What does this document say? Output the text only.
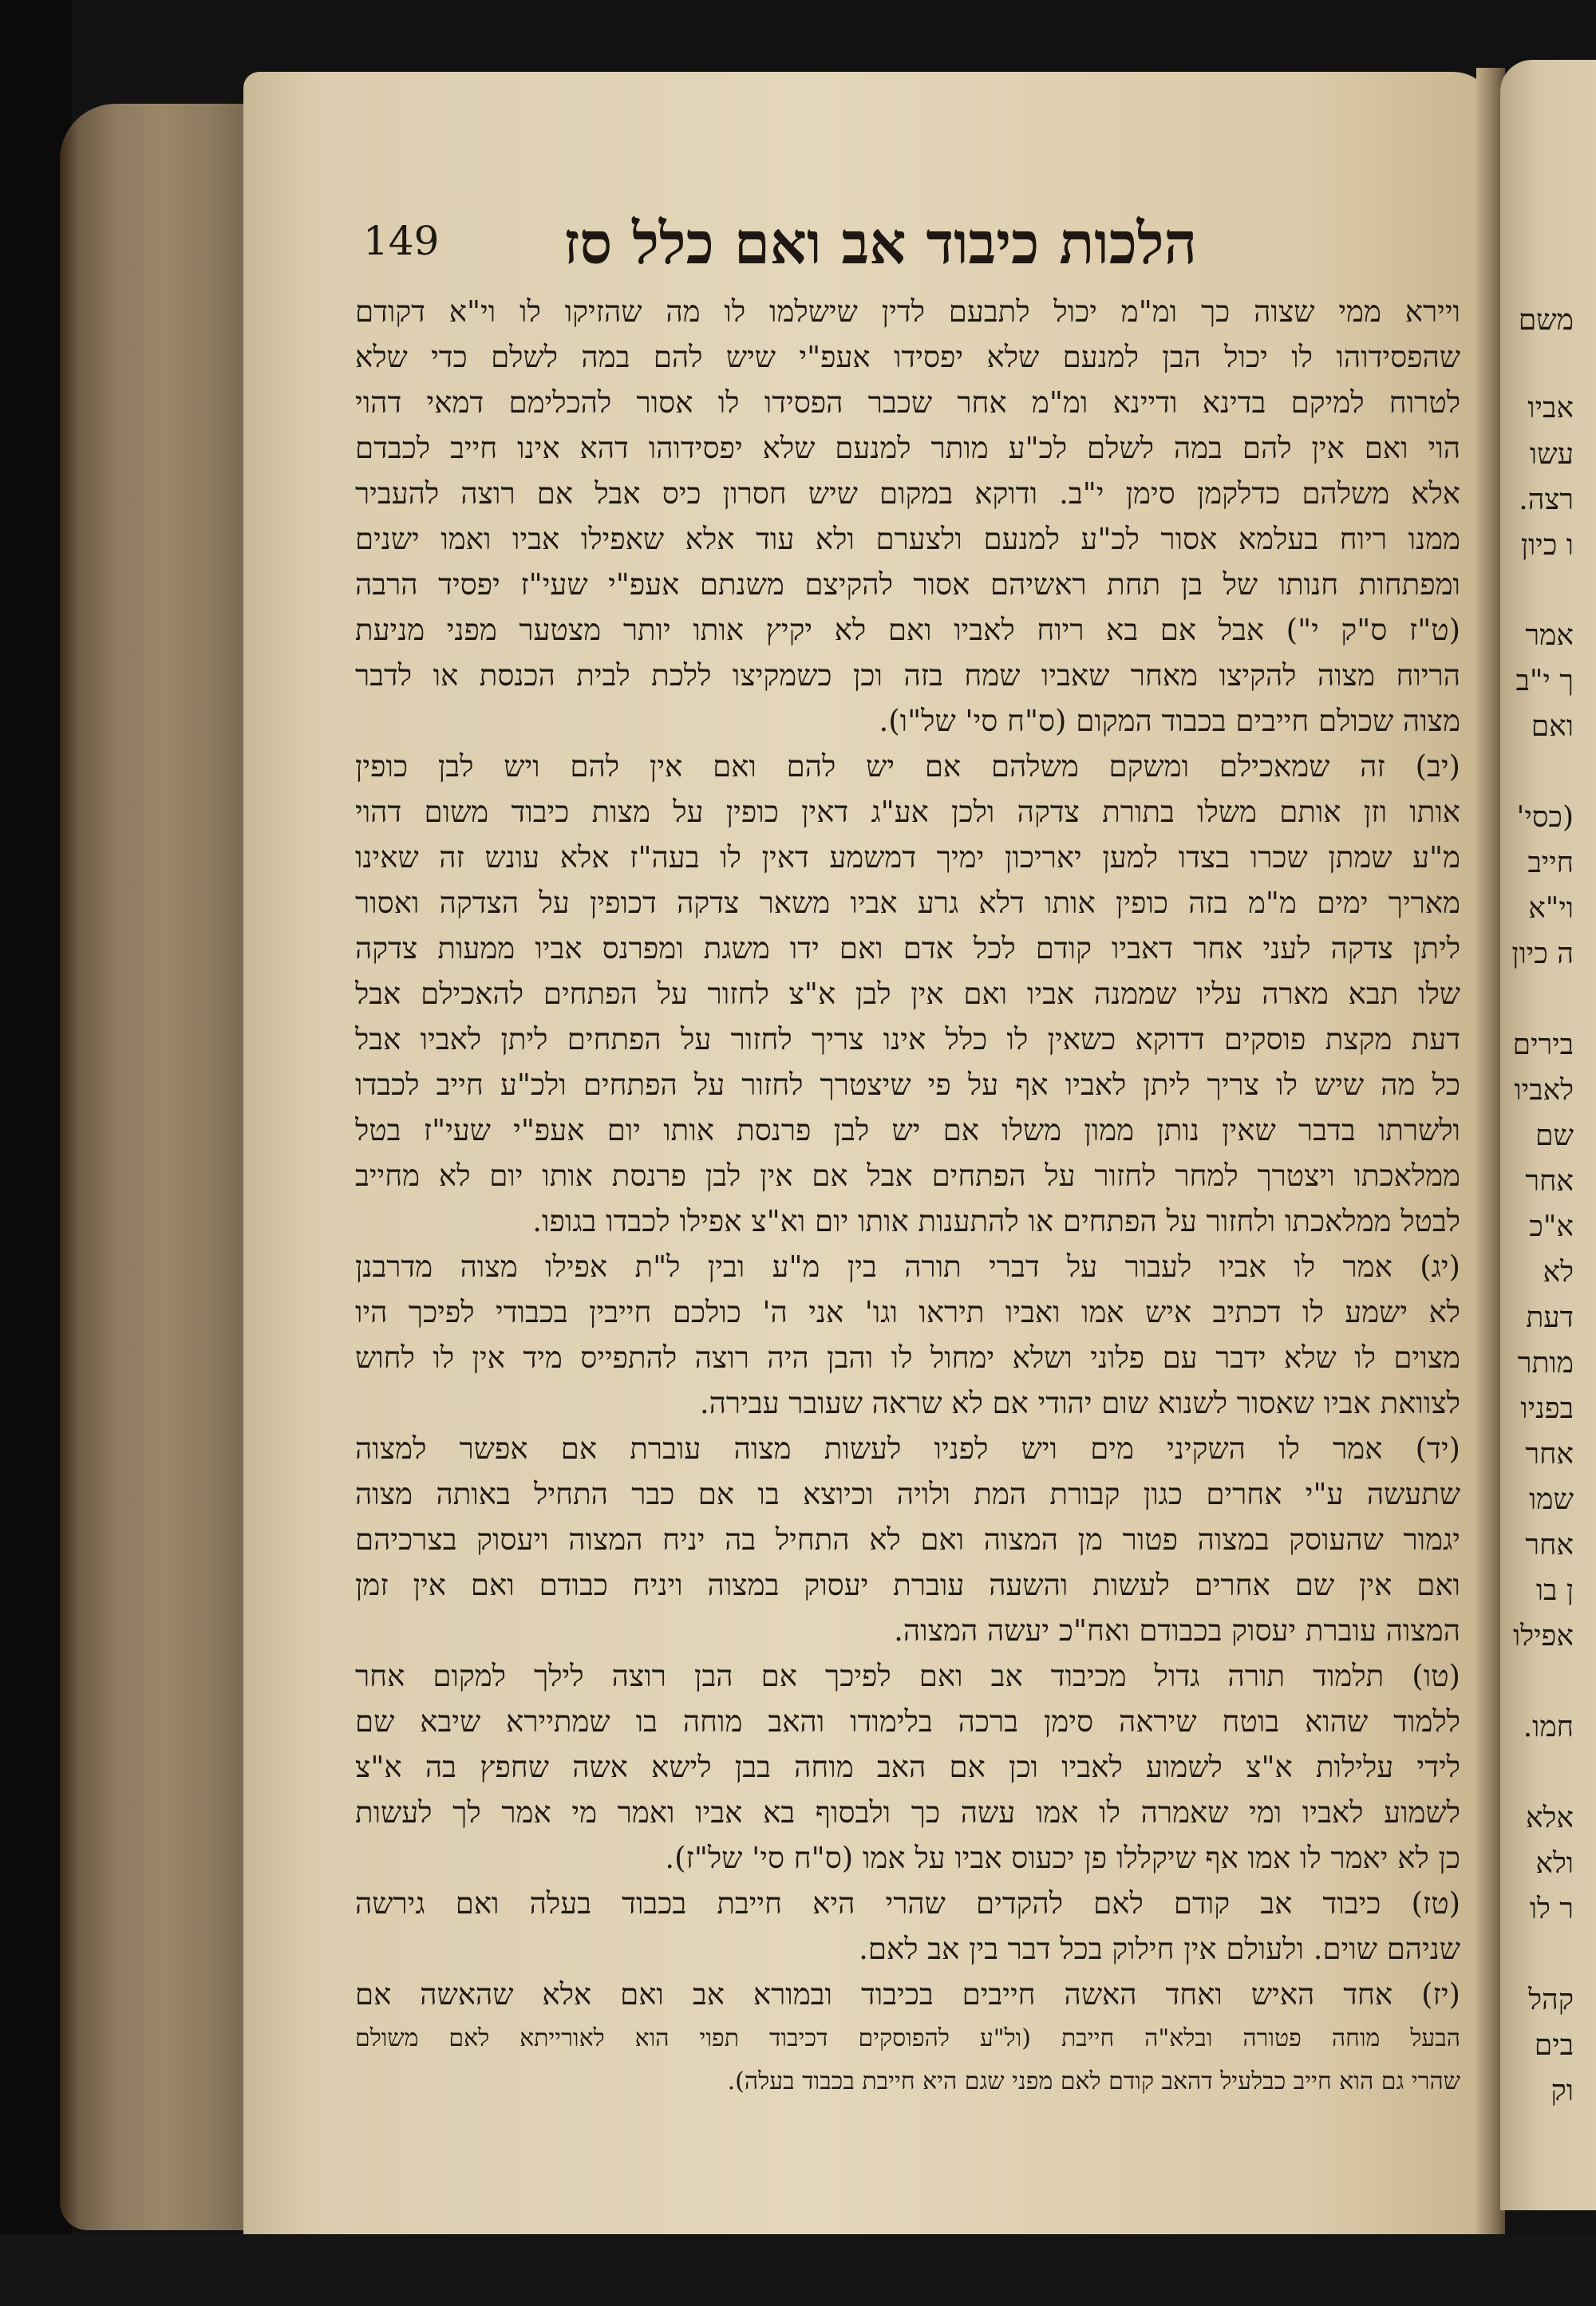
149	הלכות כיבוד אב ואם כלל סז
ויירא ממי שצוה כך ומ"מ יכול לתבעם לדין שישלמו לו מה שהזיקו לו וי"א דקודם
שהפסידוהו לו יכול הבן למנעם שלא יפסידו אעפ"י שיש להם במה לשלם כדי שלא
לטרוח למיקם בדינא ודיינא ומ"מ אחר שכבר הפסידו לו אסור להכלימם דמאי דהוי
הוי ואם אין להם במה לשלם לכ"ע מותר למנעם שלא יפסידוהו דהא אינו חייב לכבדם
אלא משלהם כדלקמן סימן י"ב. ודוקא במקום שיש חסרון כיס אבל אם רוצה להעביר
ממנו ריוח בעלמא אסור לכ"ע למנעם ולצערם ולא עוד אלא שאפילו אביו ואמו ישנים
ומפתחות חנותו של בן תחת ראשיהם אסור להקיצם משנתם אעפ"י שעי"ז יפסיד הרבה
(ט"ז ס"ק י") אבל אם בא ריוח לאביו ואם לא יקיץ אותו יותר מצטער מפני מניעת
הריוח מצוה להקיצו מאחר שאביו שמח בזה וכן כשמקיצו ללכת לבית הכנסת או לדבר
מצוה שכולם חייבים בכבוד המקום (ס"ח סי' של"ו).
(יב) זה שמאכילם ומשקם משלהם אם יש להם ואם אין להם ויש לבן כופין
אותו וזן אותם משלו בתורת צדקה ולכן אע"ג דאין כופין על מצות כיבוד משום דהוי
מ"ע שמתן שכרו בצדו למען יאריכון ימיך דמשמע דאין לו בעה"ז אלא עונש זה שאינו
מאריך ימים מ"מ בזה כופין אותו דלא גרע אביו משאר צדקה דכופין על הצדקה ואסור
ליתן צדקה לעני אחר דאביו קודם לכל אדם ואם ידו משגת ומפרנס אביו ממעות צדקה
שלו תבא מארה עליו שממנה אביו ואם אין לבן א"צ לחזור על הפתחים להאכילם אבל
דעת מקצת פוסקים דדוקא כשאין לו כלל אינו צריך לחזור על הפתחים ליתן לאביו אבל
כל מה שיש לו צריך ליתן לאביו אף על פי שיצטרך לחזור על הפתחים ולכ"ע חייב לכבדו
ולשרתו בדבר שאין נותן ממון משלו אם יש לבן פרנסת אותו יום אעפ"י שעי"ז בטל
ממלאכתו ויצטרך למחר לחזור על הפתחים אבל אם אין לבן פרנסת אותו יום לא מחייב
לבטל ממלאכתו ולחזור על הפתחים או להתענות אותו יום וא"צ אפילו לכבדו בגופו.
(יג) אמר לו אביו לעבור על דברי תורה בין מ"ע ובין ל"ת אפילו מצוה מדרבנן
לא ישמע לו דכתיב איש אמו ואביו תיראו וגו' אני ה' כולכם חייבין בכבודי לפיכך היו
מצוים לו שלא ידבר עם פלוני ושלא ימחול לו והבן היה רוצה להתפייס מיד אין לו לחוש
לצוואת אביו שאסור לשנוא שום יהודי אם לא שראה שעובר עבירה.
(יד) אמר לו השקיני מים ויש לפניו לעשות מצוה עוברת אם אפשר למצוה
שתעשה ע"י אחרים כגון קבורת המת ולויה וכיוצא בו אם כבר התחיל באותה מצוה
יגמור שהעוסק במצוה פטור מן המצוה ואם לא התחיל בה יניח המצוה ויעסוק בצרכיהם
ואם אין שם אחרים לעשות והשעה עוברת יעסוק במצוה ויניח כבודם ואם אין זמן
המצוה עוברת יעסוק בכבודם ואח"כ יעשה המצוה.
(טו) תלמוד תורה גדול מכיבוד אב ואם לפיכך אם הבן רוצה לילך למקום אחר
ללמוד שהוא בוטח שיראה סימן ברכה בלימודו והאב מוחה בו שמתיירא שיבא שם
לידי עלילות א"צ לשמוע לאביו וכן אם האב מוחה בבן לישא אשה שחפץ בה א"צ
לשמוע לאביו ומי שאמרה לו אמו עשה כך ולבסוף בא אביו ואמר מי אמר לך לעשות
כן לא יאמר לו אמו אף שיקללו פן יכעוס אביו על אמו (ס"ח סי' של"ז).
(טז) כיבוד אב קודם לאם להקדים שהרי היא חייבת בכבוד בעלה ואם גירשה
שניהם שוים. ולעולם אין חילוק בכל דבר בין אב לאם.
(יז) אחד האיש ואחד האשה חייבים בכיבוד ובמורא אב ואם אלא שהאשה אם
הבעל מוחה פטורה ובלא"ה חייבת (ול"ע להפוסקים דכיבוד תפוי הוא לאורייתא לאם משולם
שהרי גם הוא חייב כבלעיל דהאב קודם לאם מפני שגם היא חייבת בכבוד בעלה).
משם
אביו
עשו
רצה.
ו כיון
אמר
ך י"ב
ואם
(כסי'
חייב
וי"א
ה כיון
בירים
לאביו
שם
אחר
א"כ
לא
דעת
מותר
בפניו
אחר
שמו
אחר
ן בו
אפילו
חמו.
אלא
ולא
ר לו
קהל
בים
וק
